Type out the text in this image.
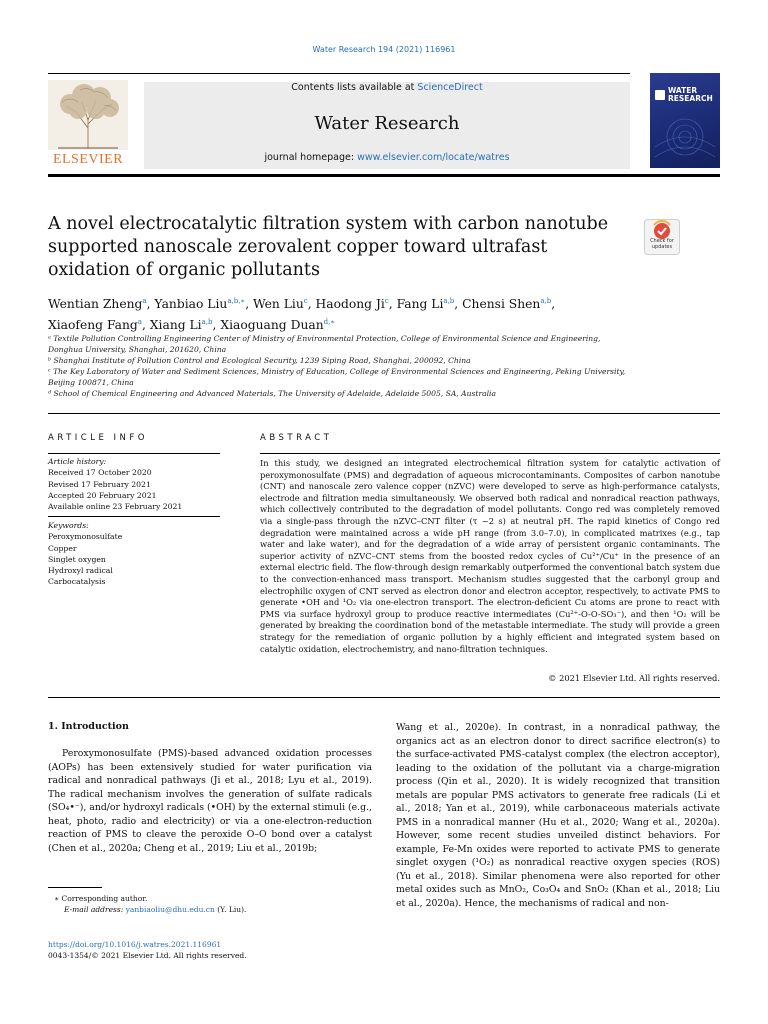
Water Research 194 (2021) 116961
ELSEVIER
Contents lists available at ScienceDirect
Water Research
journal homepage: www.elsevier.com/locate/watres
WATER
RESEARCH
A novel electrocatalytic filtration system with carbon nanotube supported nanoscale zerovalent copper toward ultrafast oxidation of organic pollutants
Check for updates
Wentian Zheng$^a$, Yanbiao Liu$^{a,b,∗}$, Wen Liu$^c$, Haodong Ji$^c$, Fang Li$^{a,b}$, Chensi Shen$^{a,b}$,
Xiaofeng Fang$^a$, Xiang Li$^{a,b}$, Xiaoguang Duan$^{d,∗}$
ᵃ Textile Pollution Controlling Engineering Center of Ministry of Environmental Protection, College of Environmental Science and Engineering, Donghua University, Shanghai, 201620, China
ᵇ Shanghai Institute of Pollution Control and Ecological Security, 1239 Siping Road, Shanghai, 200092, China
ᶜ The Key Laboratory of Water and Sediment Sciences, Ministry of Education, College of Environmental Sciences and Engineering, Peking University, Beijing 100871, China
ᵈ School of Chemical Engineering and Advanced Materials, The University of Adelaide, Adelaide 5005, SA, Australia
ARTICLE INFO
Article history:
Received 17 October 2020
Revised 17 February 2021
Accepted 20 February 2021
Available online 23 February 2021
Keywords:
Peroxymonosulfate
Copper
Singlet oxygen
Hydroxyl radical
Carbocatalysis
ABSTRACT
In this study, we designed an integrated electrochemical filtration system for catalytic activation of peroxymonosulfate (PMS) and degradation of aqueous microcontaminants. Composites of carbon nanotube (CNT) and nanoscale zero valence copper (nZVC) were developed to serve as high-performance catalysts, electrode and filtration media simultaneously. We observed both radical and nonradical reaction pathways, which collectively contributed to the degradation of model pollutants. Congo red was completely removed via a single-pass through the nZVC–CNT filter (τ ~2 s) at neutral pH. The rapid kinetics of Congo red degradation were maintained across a wide pH range (from 3.0–7.0), in complicated matrixes (e.g., tap water and lake water), and for the degradation of a wide array of persistent organic contaminants. The superior activity of nZVC–CNT stems from the boosted redox cycles of Cu²⁺/Cu⁺ in the presence of an external electric field. The flow-through design remarkably outperformed the conventional batch system due to the convection-enhanced mass transport. Mechanism studies suggested that the carbonyl group and electrophilic oxygen of CNT served as electron donor and electron acceptor, respectively, to activate PMS to generate •OH and ¹O₂ via one-electron transport. The electron-deficient Cu atoms are prone to react with PMS via surface hydroxyl group to produce reactive intermediates (Cu²⁺-O-O-SO₃⁻), and then ¹O₂ will be generated by breaking the coordination bond of the metastable intermediate. The study will provide a green strategy for the remediation of organic pollution by a highly efficient and integrated system based on catalytic oxidation, electrochemistry, and nano-filtration techniques.
© 2021 Elsevier Ltd. All rights reserved.
1. Introduction
Peroxymonosulfate (PMS)-based advanced oxidation processes (AOPs) has been extensively studied for water purification via radical and nonradical pathways (Ji et al., 2018; Lyu et al., 2019). The radical mechanism involves the generation of sulfate radicals (SO₄•⁻), and/or hydroxyl radicals (•OH) by the external stimuli (e.g., heat, photo, radio and electricity) or via a one-electron-reduction reaction of PMS to cleave the peroxide O–O bond over a catalyst (Chen et al., 2020a; Cheng et al., 2019; Liu et al., 2019b;
Wang et al., 2020e). In contrast, in a nonradical pathway, the organics act as an electron donor to direct sacrifice electron(s) to the surface-activated PMS-catalyst complex (the electron acceptor), leading to the oxidation of the pollutant via a charge-migration process (Qin et al., 2020). It is widely recognized that transition metals are popular PMS activators to generate free radicals (Li et al., 2018; Yan et al., 2019), while carbonaceous materials activate PMS in a nonradical manner (Hu et al., 2020; Wang et al., 2020a). However, some recent studies unveiled distinct behaviors. For example, Fe-Mn oxides were reported to activate PMS to generate singlet oxygen (¹O₂) as nonradical reactive oxygen species (ROS) (Yu et al., 2018). Similar phenomena were also reported for other metal oxides such as MnO₂, Co₃O₄ and SnO₂ (Khan et al., 2018; Liu et al., 2020a). Hence, the mechanisms of radical and non-
∗ Corresponding author.
E-mail address: yanbiaoliu@dhu.edu.cn (Y. Liu).
https://doi.org/10.1016/j.watres.2021.116961
0043-1354/© 2021 Elsevier Ltd. All rights reserved.
